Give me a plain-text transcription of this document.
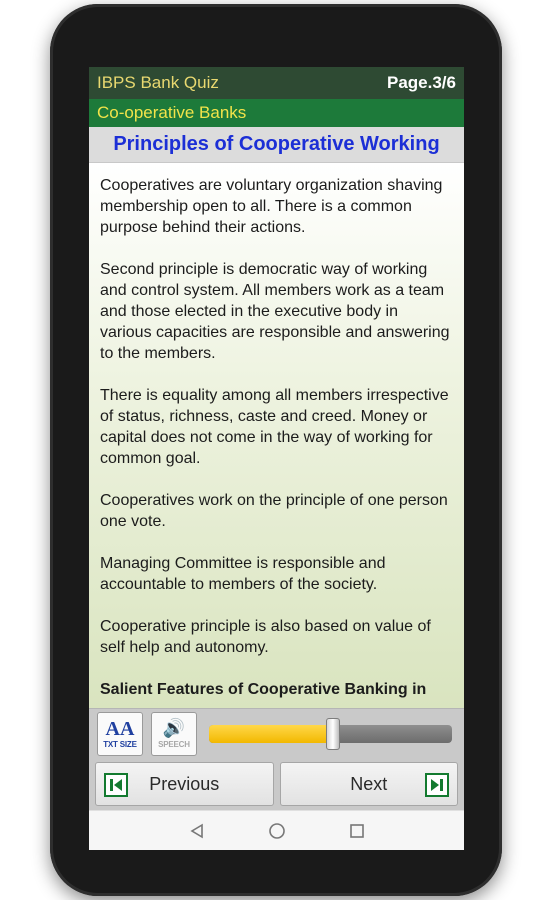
IBPS Bank Quiz	Page.3/6
Co-operative Banks
Principles of Cooperative Working

Cooperatives are voluntary organization shaving membership open to all. There is a common purpose behind their actions.

Second principle is democratic way of working and control system. All members work as a team and those elected in the executive body in various capacities are responsible and answering to the members.

There is equality among all members irrespective of status, richness, caste and creed. Money or capital does not come in the way of working for common goal.

Cooperatives work on the principle of one person one vote.

Managing Committee is responsible and accountable to members of the society.

Cooperative principle is also based on value of self help and autonomy.

Salient Features of Cooperative Banking in

AA
TXT SIZE
🔊
SPEECH
Previous	Next
